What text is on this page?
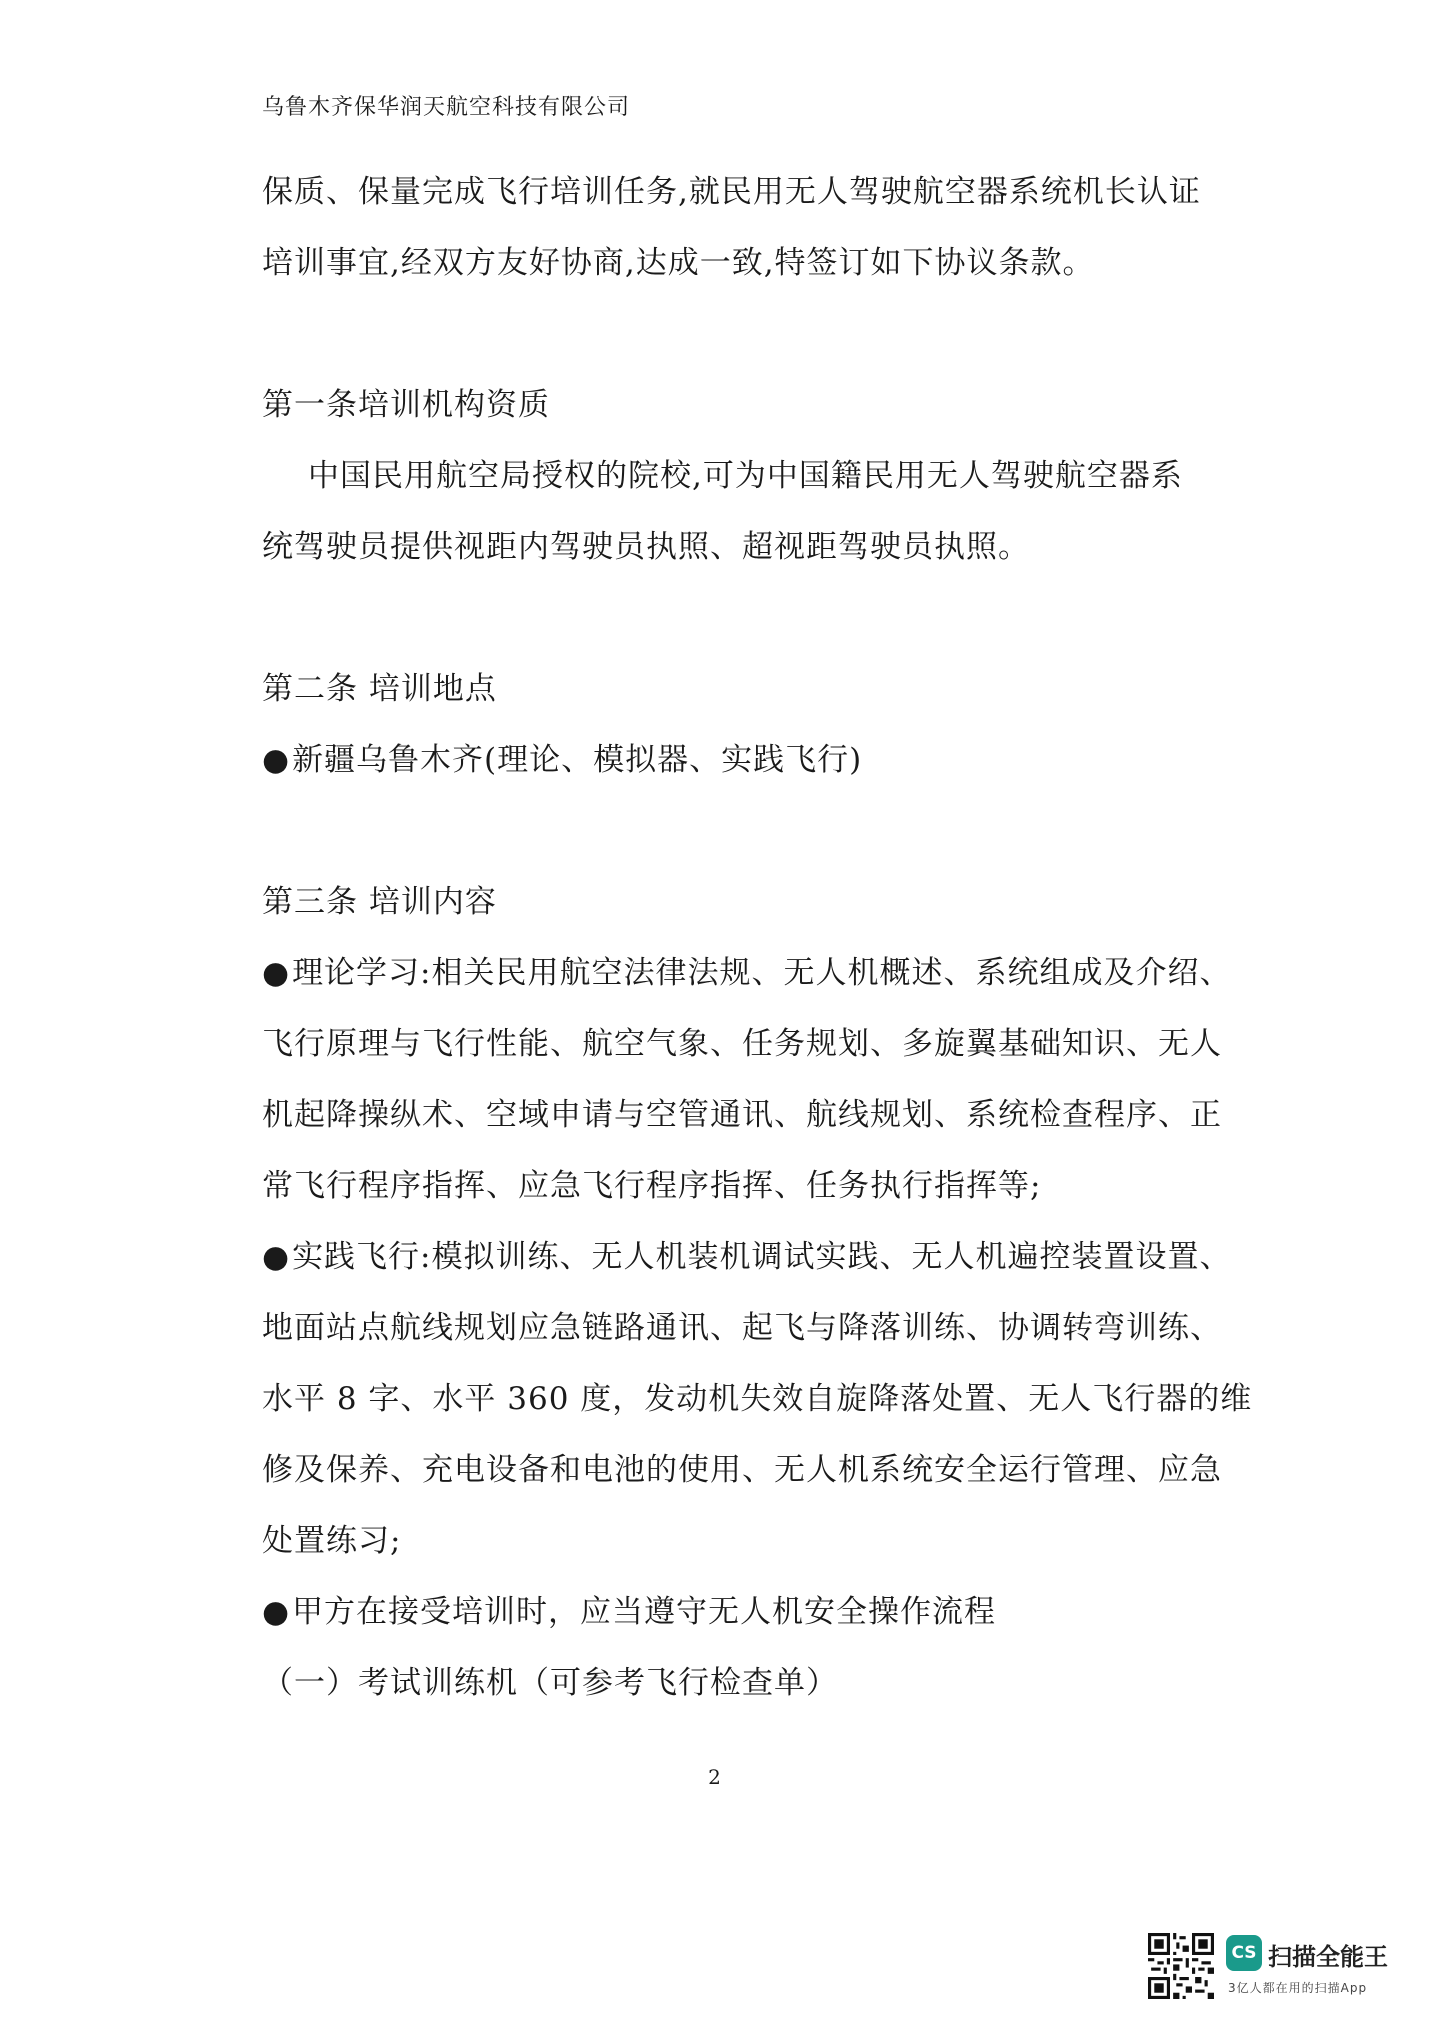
乌鲁木齐保华润天航空科技有限公司
保质、保量完成飞行培训任务,就民用无人驾驶航空器系统机长认证
培训事宜,经双方友好协商,达成一致,特签订如下协议条款。
第一条培训机构资质
中国民用航空局授权的院校,可为中国籍民用无人驾驶航空器系
统驾驶员提供视距内驾驶员执照、超视距驾驶员执照。
第二条 培训地点
● 新疆乌鲁木齐(理论、模拟器、实践飞行)
第三条 培训内容
● 理论学习:相关民用航空法律法规、无人机概述、系统组成及介绍、
飞行原理与飞行性能、航空气象、任务规划、多旋翼基础知识、无人
机起降操纵术、空域申请与空管通讯、航线规划、系统检查程序、正
常飞行程序指挥、应急飞行程序指挥、任务执行指挥等;
● 实践飞行:模拟训练、无人机装机调试实践、无人机遍控装置设置、
地面站点航线规划应急链路通讯、起飞与降落训练、协调转弯训练、
水平 8 字、水平 360 度，发动机失效自旋降落处置、无人飞行器的维
修及保养、充电设备和电池的使用、无人机系统安全运行管理、应急
处置练习;
● 甲方在接受培训时，应当遵守无人机安全操作流程
（一）考试训练机（可参考飞行检查单）
2
CS 扫描全能王
3亿人都在用的扫描App
